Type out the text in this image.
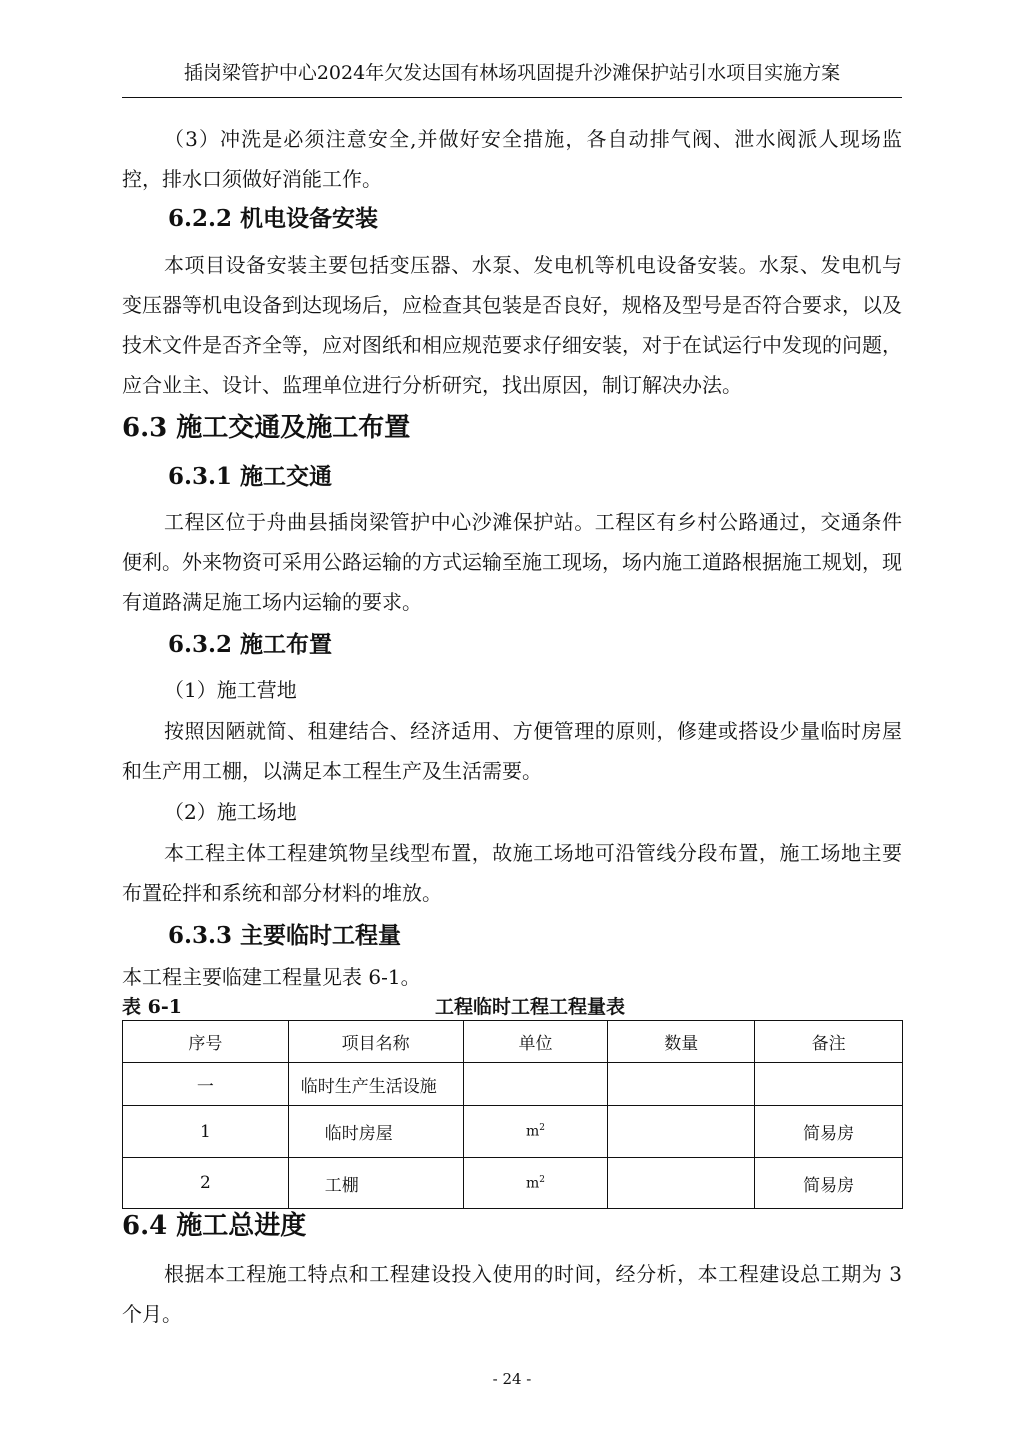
插岗梁管护中心2024年欠发达国有林场巩固提升沙滩保护站引水项目实施方案

（3）冲洗是必须注意安全,并做好安全措施，各自动排气阀、泄水阀派人现场监控，排水口须做好消能工作。

6.2.2 机电设备安装

本项目设备安装主要包括变压器、水泵、发电机等机电设备安装。水泵、发电机与变压器等机电设备到达现场后，应检查其包装是否良好，规格及型号是否符合要求，以及技术文件是否齐全等，应对图纸和相应规范要求仔细安装，对于在试运行中发现的问题，应合业主、设计、监理单位进行分析研究，找出原因，制订解决办法。

6.3 施工交通及施工布置
6.3.1 施工交通

工程区位于舟曲县插岗梁管护中心沙滩保护站。工程区有乡村公路通过，交通条件便利。外来物资可采用公路运输的方式运输至施工现场，场内施工道路根据施工规划，现有道路满足施工场内运输的要求。

6.3.2 施工布置
（1）施工营地

按照因陋就简、租建结合、经济适用、方便管理的原则，修建或搭设少量临时房屋和生产用工棚，以满足本工程生产及生活需要。

（2）施工场地

本工程主体工程建筑物呈线型布置，故施工场地可沿管线分段布置，施工场地主要布置砼拌和系统和部分材料的堆放。

6.3.3 主要临时工程量

本工程主要临建工程量见表 6-1。

表 6-1	工程临时工程工程量表
序号	项目名称	单位	数量	备注
一	临时生产生活设施			
1	临时房屋	$m^2$		简易房
2	工棚	$m^2$		简易房
6.4 施工总进度

根据本工程施工特点和工程建设投入使用的时间，经分析，本工程建设总工期为 3 个月。

- 24 -
